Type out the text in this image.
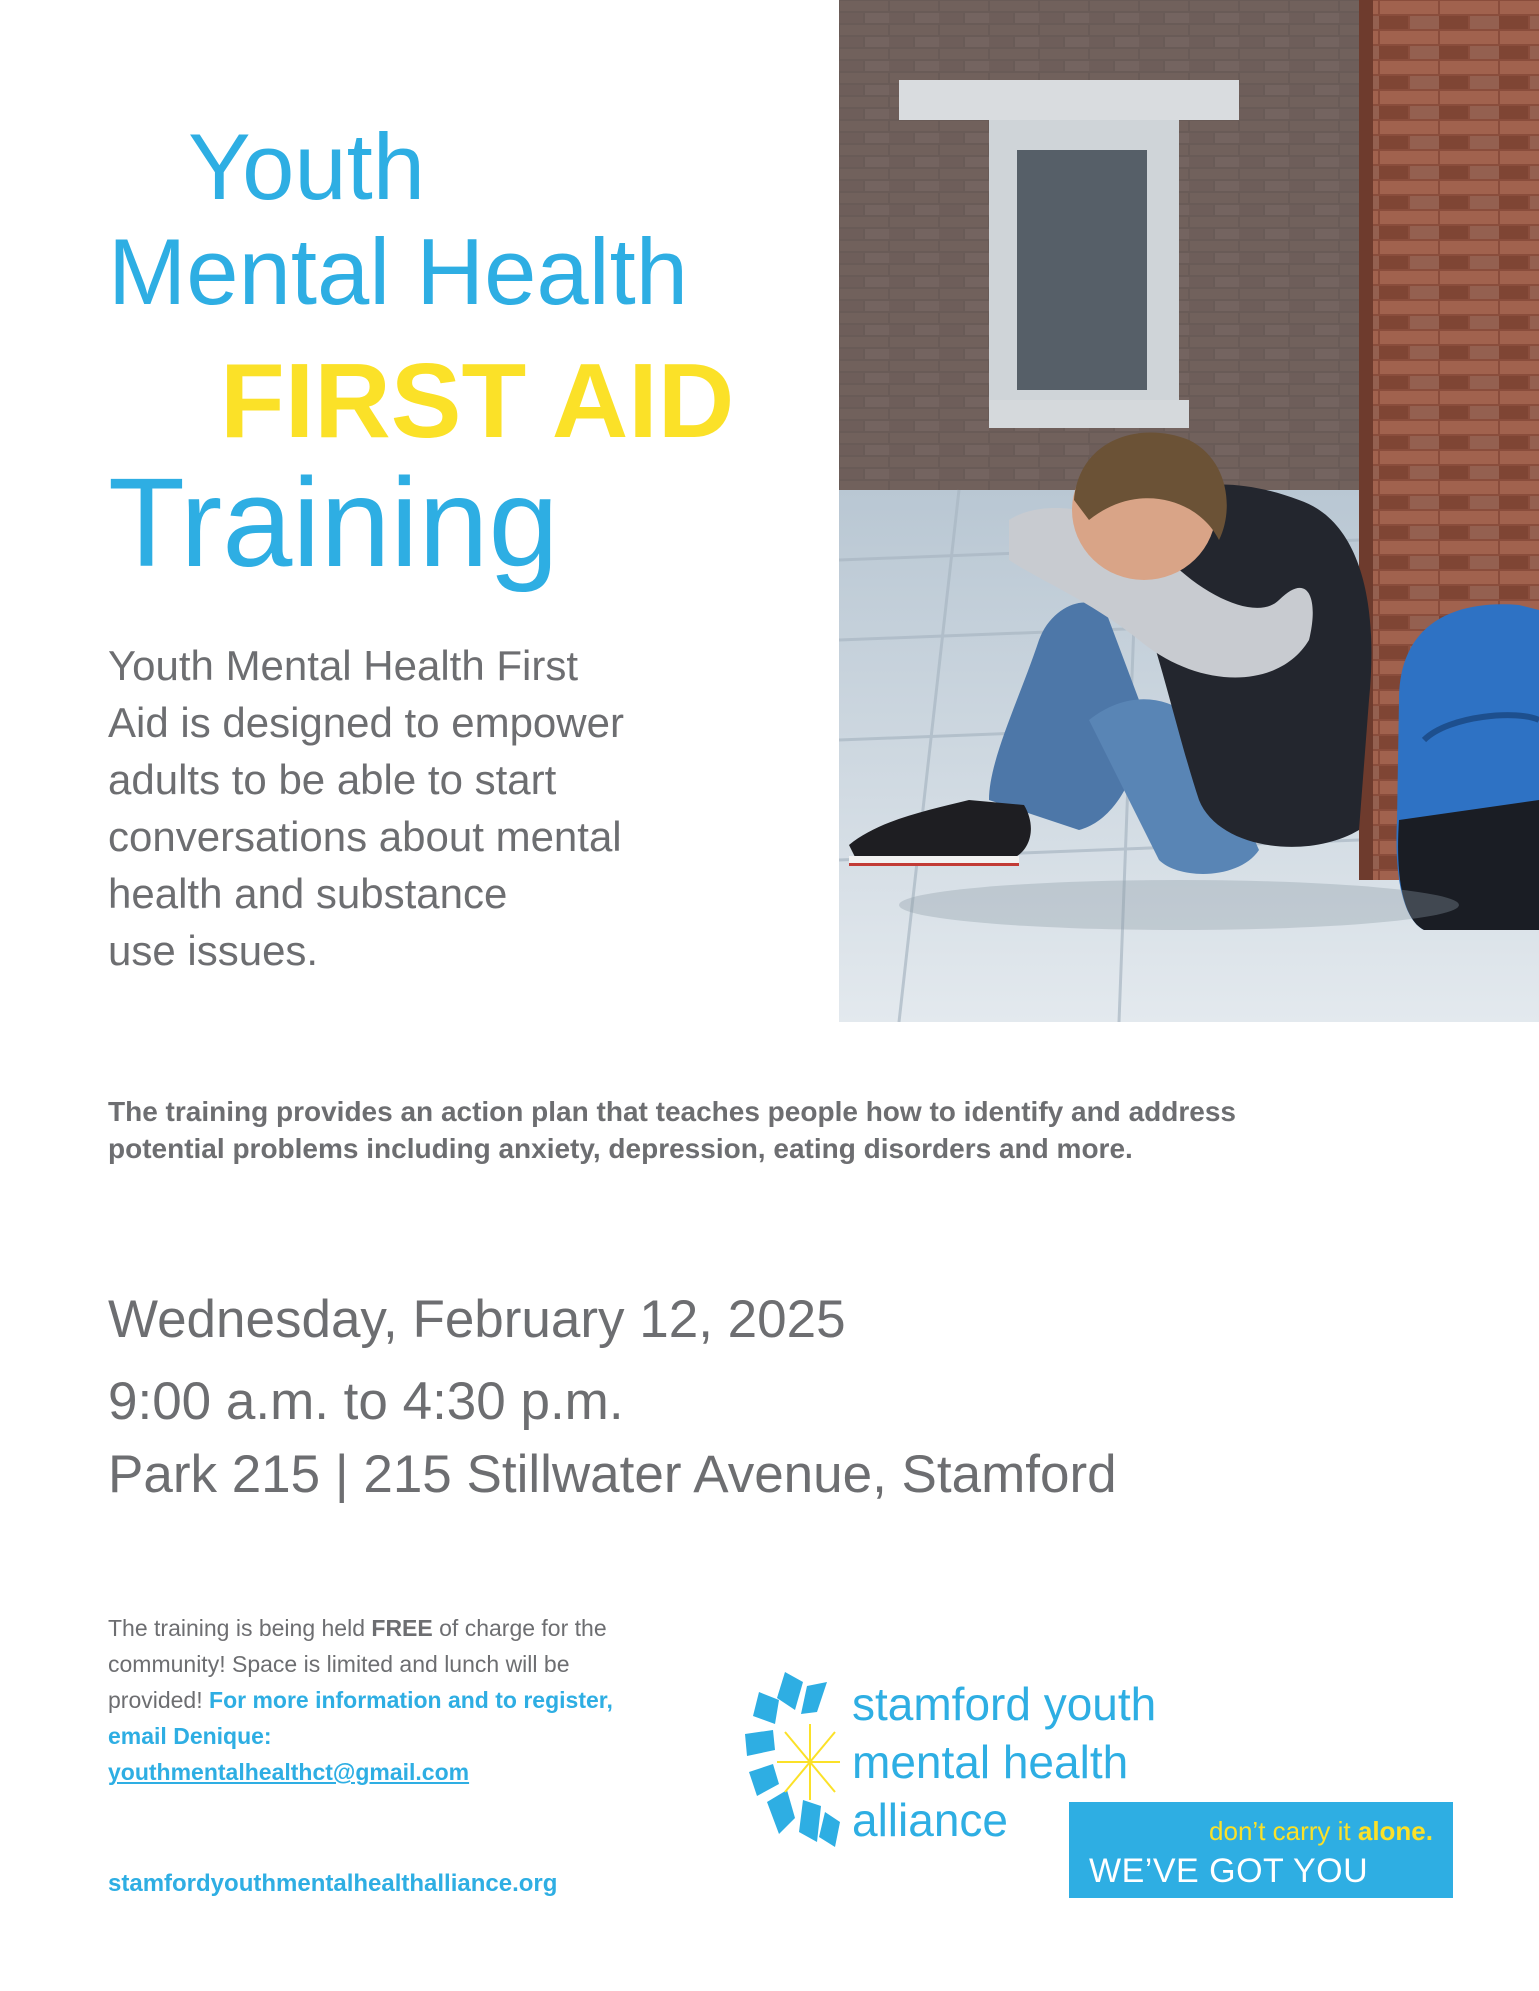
Youth
Mental Health
FIRST AID
Training
Youth Mental Health First
Aid is designed to empower
adults to be able to start
conversations about mental
health and substance
use issues.
The training provides an action plan that teaches people how to identify and address
potential problems including anxiety, depression, eating disorders and more.
Wednesday, February 12, 2025
9:00 a.m. to 4:30 p.m.
Park 215 | 215 Stillwater Avenue, Stamford
The training is being held FREE of charge for the community! Space is limited and lunch will be provided! For more information and to register, email Denique:
youthmentalhealthct@gmail.com
stamfordyouthmentalhealthalliance.org
stamford youth
mental health
alliance	don’t carry it alone.
WE’VE GOT YOU
